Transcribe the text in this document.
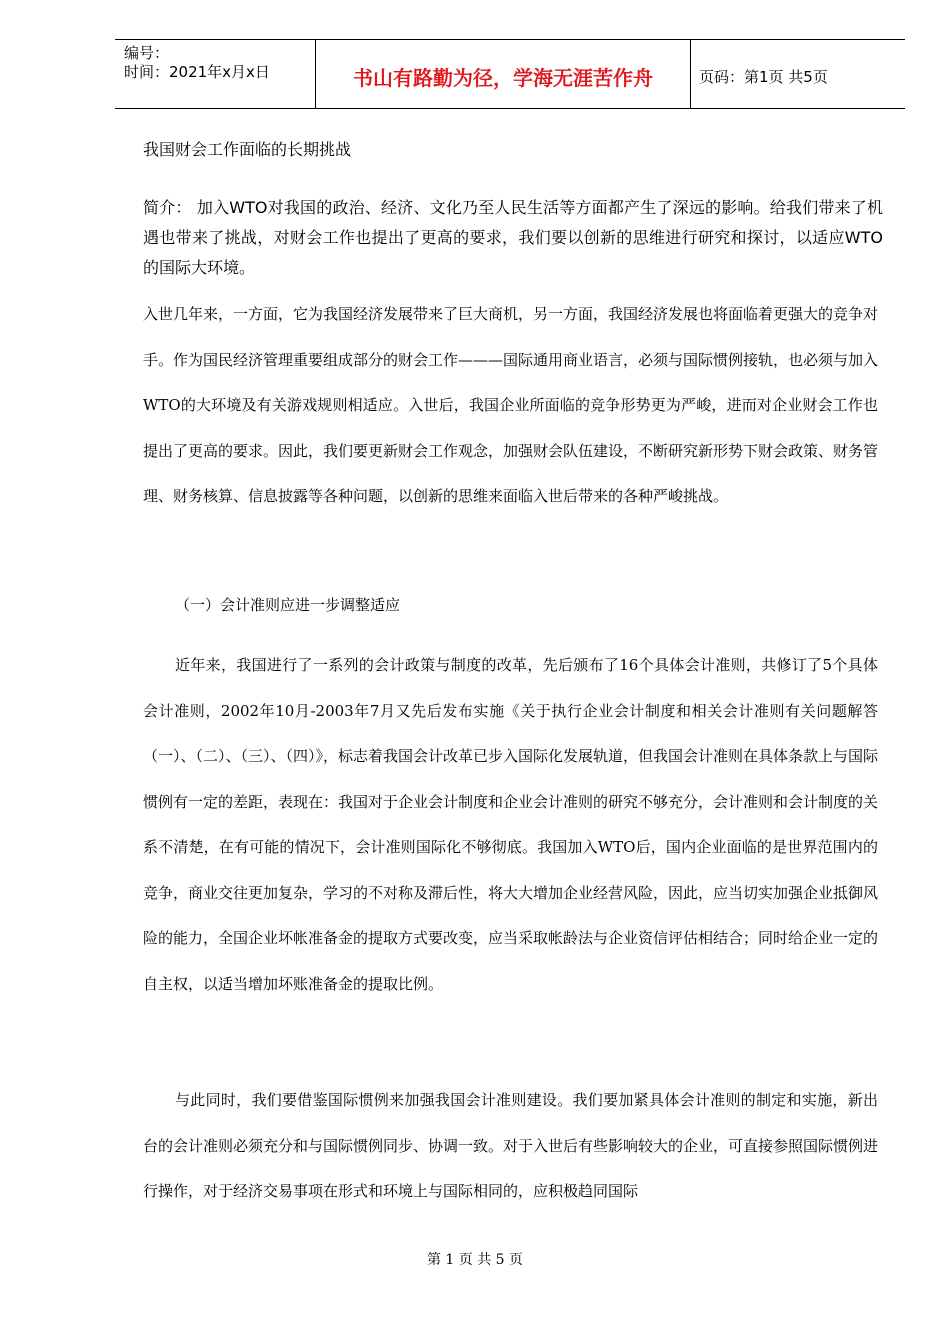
编号：
时间：2021年x月x日	书山有路勤为径，学海无涯苦作舟	页码：第1页 共5页
我国财会工作面临的长期挑战
简介： 加入WTO对我国的政治、经济、文化乃至人民生活等方面都产生了深远的影响。给我们带来了机遇也带来了挑战，对财会工作也提出了更高的要求，我们要以创新的思维进行研究和探讨，以适应WTO的国际大环境。
入世几年来，一方面，它为我国经济发展带来了巨大商机，另一方面，我国经济发展也将面临着更强大的竞争对手。作为国民经济管理重要组成部分的财会工作———国际通用商业语言，必须与国际惯例接轨，也必须与加入WTO的大环境及有关游戏规则相适应。入世后，我国企业所面临的竞争形势更为严峻，进而对企业财会工作也提出了更高的要求。因此，我们要更新财会工作观念，加强财会队伍建设，不断研究新形势下财会政策、财务管理、财务核算、信息披露等各种问题，以创新的思维来面临入世后带来的各种严峻挑战。
（一）会计准则应进一步调整适应
近年来，我国进行了一系列的会计政策与制度的改革，先后颁布了16个具体会计准则，共修订了5个具体会计准则，2002年10月-2003年7月又先后发布实施《关于执行企业会计制度和相关会计准则有关问题解答（一）、（二）、（三）、（四）》，标志着我国会计改革已步入国际化发展轨道，但我国会计准则在具体条款上与国际惯例有一定的差距，表现在：我国对于企业会计制度和企业会计准则的研究不够充分，会计准则和会计制度的关系不清楚，在有可能的情况下，会计准则国际化不够彻底。我国加入WTO后，国内企业面临的是世界范围内的竞争，商业交往更加复杂，学习的不对称及滞后性，将大大增加企业经营风险，因此，应当切实加强企业抵御风险的能力，全国企业坏帐准备金的提取方式要改变，应当采取帐龄法与企业资信评估相结合；同时给企业一定的自主权，以适当增加坏账准备金的提取比例。
与此同时，我们要借鉴国际惯例来加强我国会计准则建设。我们要加紧具体会计准则的制定和实施，新出台的会计准则必须充分和与国际惯例同步、协调一致。对于入世后有些影响较大的企业，可直接参照国际惯例进行操作，对于经济交易事项在形式和环境上与国际相同的，应积极趋同国际
第 1 页 共 5 页
